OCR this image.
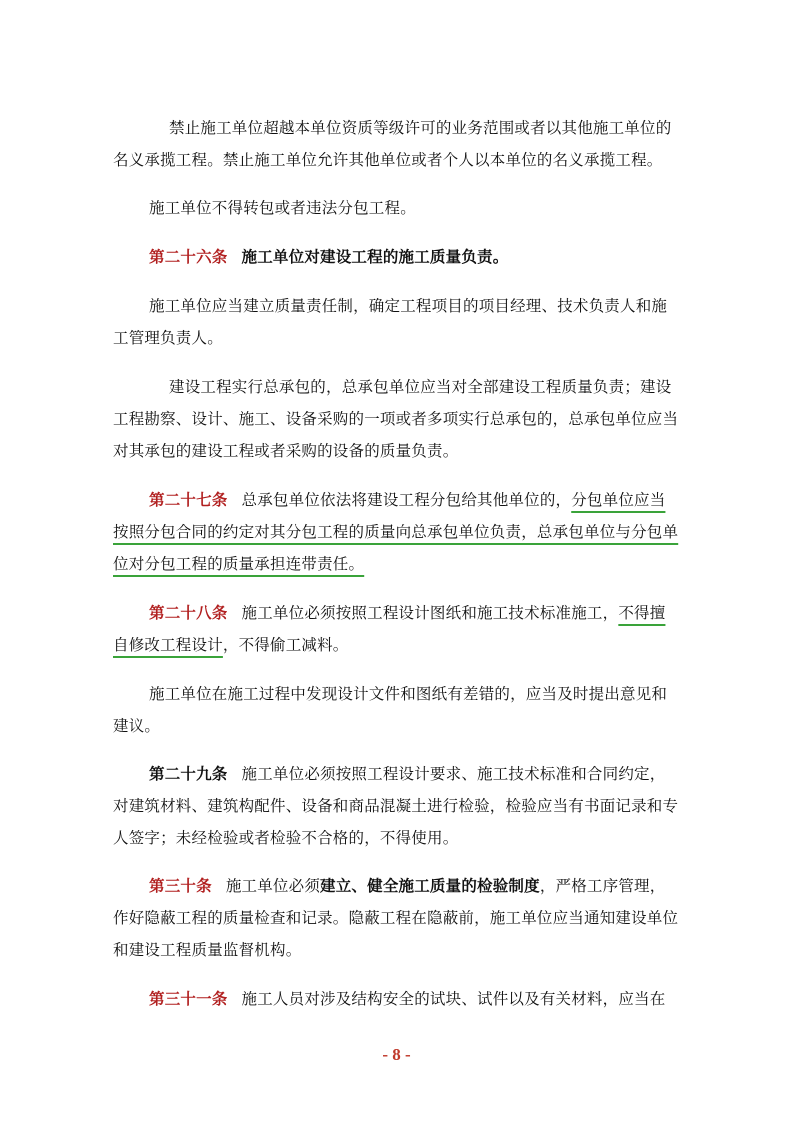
禁止施工单位超越本单位资质等级许可的业务范围或者以其他施工单位的名义承揽工程。禁止施工单位允许其他单位或者个人以本单位的名义承揽工程。
施工单位不得转包或者违法分包工程。
第二十六条 施工单位对建设工程的施工质量负责。
施工单位应当建立质量责任制，确定工程项目的项目经理、技术负责人和施工管理负责人。
建设工程实行总承包的，总承包单位应当对全部建设工程质量负责；建设工程勘察、设计、施工、设备采购的一项或者多项实行总承包的，总承包单位应当对其承包的建设工程或者采购的设备的质量负责。
第二十七条 总承包单位依法将建设工程分包给其他单位的，分包单位应当按照分包合同的约定对其分包工程的质量向总承包单位负责，总承包单位与分包单位对分包工程的质量承担连带责任。
第二十八条 施工单位必须按照工程设计图纸和施工技术标准施工，不得擅自修改工程设计，不得偷工减料。
施工单位在施工过程中发现设计文件和图纸有差错的，应当及时提出意见和建议。
第二十九条 施工单位必须按照工程设计要求、施工技术标准和合同约定，对建筑材料、建筑构配件、设备和商品混凝土进行检验，检验应当有书面记录和专人签字；未经检验或者检验不合格的，不得使用。
第三十条 施工单位必须建立、健全施工质量的检验制度，严格工序管理，作好隐蔽工程的质量检查和记录。隐蔽工程在隐蔽前，施工单位应当通知建设单位和建设工程质量监督机构。
第三十一条 施工人员对涉及结构安全的试块、试件以及有关材料，应当在
- 8 -
